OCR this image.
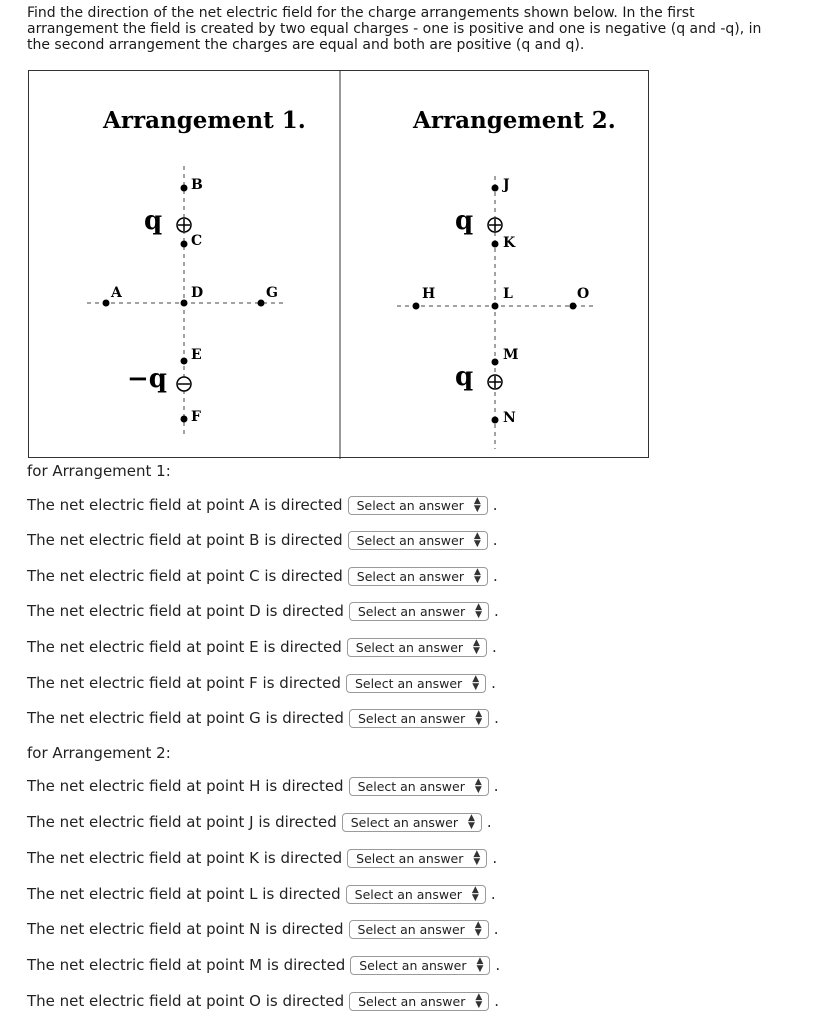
Find the direction of the net electric field for the charge arrangements shown below. In the first arrangement the field is created by two equal charges - one is positive and one is negative (q and -q), in the second arrangement the charges are equal and both are positive (q and q).
Arrangement 1.	Arrangement 2.
q
−q
B
C
D
E
F
A	G
q
q
J
K
L
M
N
H	O
for Arrangement 1:
The net electric field at point A is directed Select an answer ▲
▼ .
The net electric field at point B is directed Select an answer ▲
▼ .
The net electric field at point C is directed Select an answer ▲
▼ .
The net electric field at point D is directed Select an answer ▲
▼ .
The net electric field at point E is directed Select an answer ▲
▼ .
The net electric field at point F is directed Select an answer ▲
▼ .
The net electric field at point G is directed Select an answer ▲
▼ .
for Arrangement 2:
The net electric field at point H is directed Select an answer ▲
▼ .
The net electric field at point J is directed Select an answer ▲
▼ .
The net electric field at point K is directed Select an answer ▲
▼ .
The net electric field at point L is directed Select an answer ▲
▼ .
The net electric field at point N is directed Select an answer ▲
▼ .
The net electric field at point M is directed Select an answer ▲
▼ .
The net electric field at point O is directed Select an answer ▲
▼ .
